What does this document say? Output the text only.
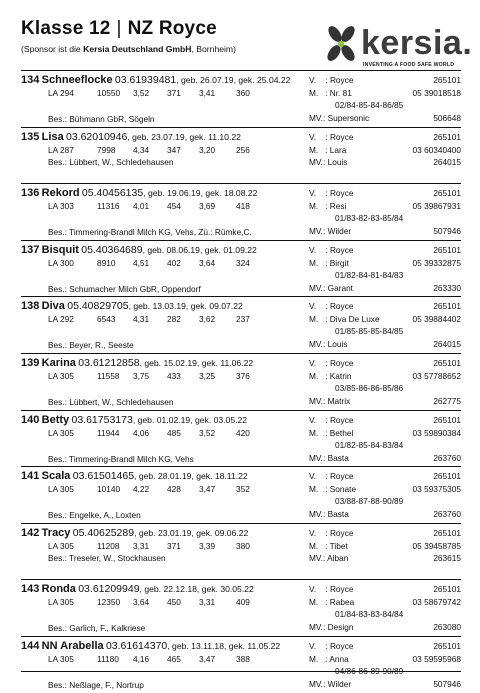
Klasse 12 | NZ Royce
(Sponsor ist die Kersia Deutschland GmbH, Bornheim)	kersia.
INVENTING A FOOD SAFE WORLD
134 Schneeflocke 03.61939481, geb. 26.07.19, gek. 25.04.22
LA 294	10550 3,52 371 3,41	360
Bes.: Bühmann GbR, Sögeln
V. : Royce	265101
M. : Nr. 81	05 39018518
02/84-85-84-86/85
MV.: Supersonic	506648
135 Lisa 03.62010946, geb. 23.07.19, gek. 11.10.22
LA 287	7998 4,34 347 3,20	256
Bes.: Lübbert, W., Schledehausen
V. : Royce	265101
M. : Lara	03 60340400
MV.: Louis	264015
136 Rekord 05.40456135, geb. 19.06.19, gek. 18.08.22
LA 303	11316 4,01 454 3,69	418
Bes.: Timmering-Brandl Milch KG, Vehs, Zü.: Rümke,C.
V. : Royce	265101
M. : Resi	05 39867931
01/83-82-83-85/84
MV.: Wilder	507946
137 Bisquit 05.40364689, geb. 08.06.19, gek. 01.09.22
LA 300	8910 4,51 402 3,64	324
Bes.: Schumacher Milch GbR, Oppendorf
V. : Royce	265101
M. : Birgit	05 39332875
01/82-84-81-84/83
MV.: Garant	263330
138 Diva 05.40829705, geb. 13.03.19, gek. 09.07.22
LA 292	6543 4,31 282 3,62	237
Bes.: Beyer, R., Seeste
V. : Royce	265101
M. : Diva De Luxe	05 39884402
01/85-85-85-84/85
MV.: Louis	264015
139 Karina 03.61212858, geb. 15.02.19, gek. 11.06.22
LA 305	11558 3,75 433 3,25	376
Bes.: Lübbert, W., Schledehausen
V. : Royce	265101
M. : Katrin	03 57788652
03/85-86-86-85/86
MV.: Matrix	262775
140 Betty 03.61753173, geb. 01.02.19, gek. 03.05.22
LA 305	11944 4,06 485 3,52	420
Bes.: Timmering-Brandl Milch KG, Vehs
V. : Royce	265101
M. : Bethel	03 59890384
01/82-85-84-83/84
MV.: Basta	263760
141 Scala 03.61501465, geb. 28.01.19, gek. 18.11.22
LA 305	10140 4,22 428 3,47	352
Bes.: Engelke, A., Loxten
V. : Royce	265101
M. : Sonate	03 59375305
03/88-87-88-90/89
MV.: Basta	263760
142 Tracy 05.40625289, geb. 23.01.19, gek. 09.06.22
LA 305	11208 3,31 371 3,39	380
Bes.: Treseler, W., Stockhausen
V. : Royce	265101
M. : Tibet	05 39458785
MV.: Alban	263615
143 Ronda 03.61209949, geb. 22.12.18, gek. 30.05.22
LA 305	12350 3,64 450 3,31	409
Bes.: Garlich, F., Kalkriese
V. : Royce	265101
M. : Rabea	03 58679742
01/84-83-83-84/84
MV.: Design	263080
144 NN Arabella 03.61614370, geb. 13.11.18, gek. 11.05.22
LA 305	11180 4,16 465 3,47	388
Bes.: Neßlage, F., Nortrup
V. : Royce	265101
M. : Anna	03 59595968
04/86-86-89-90/89
MV.: Wilder	507946
